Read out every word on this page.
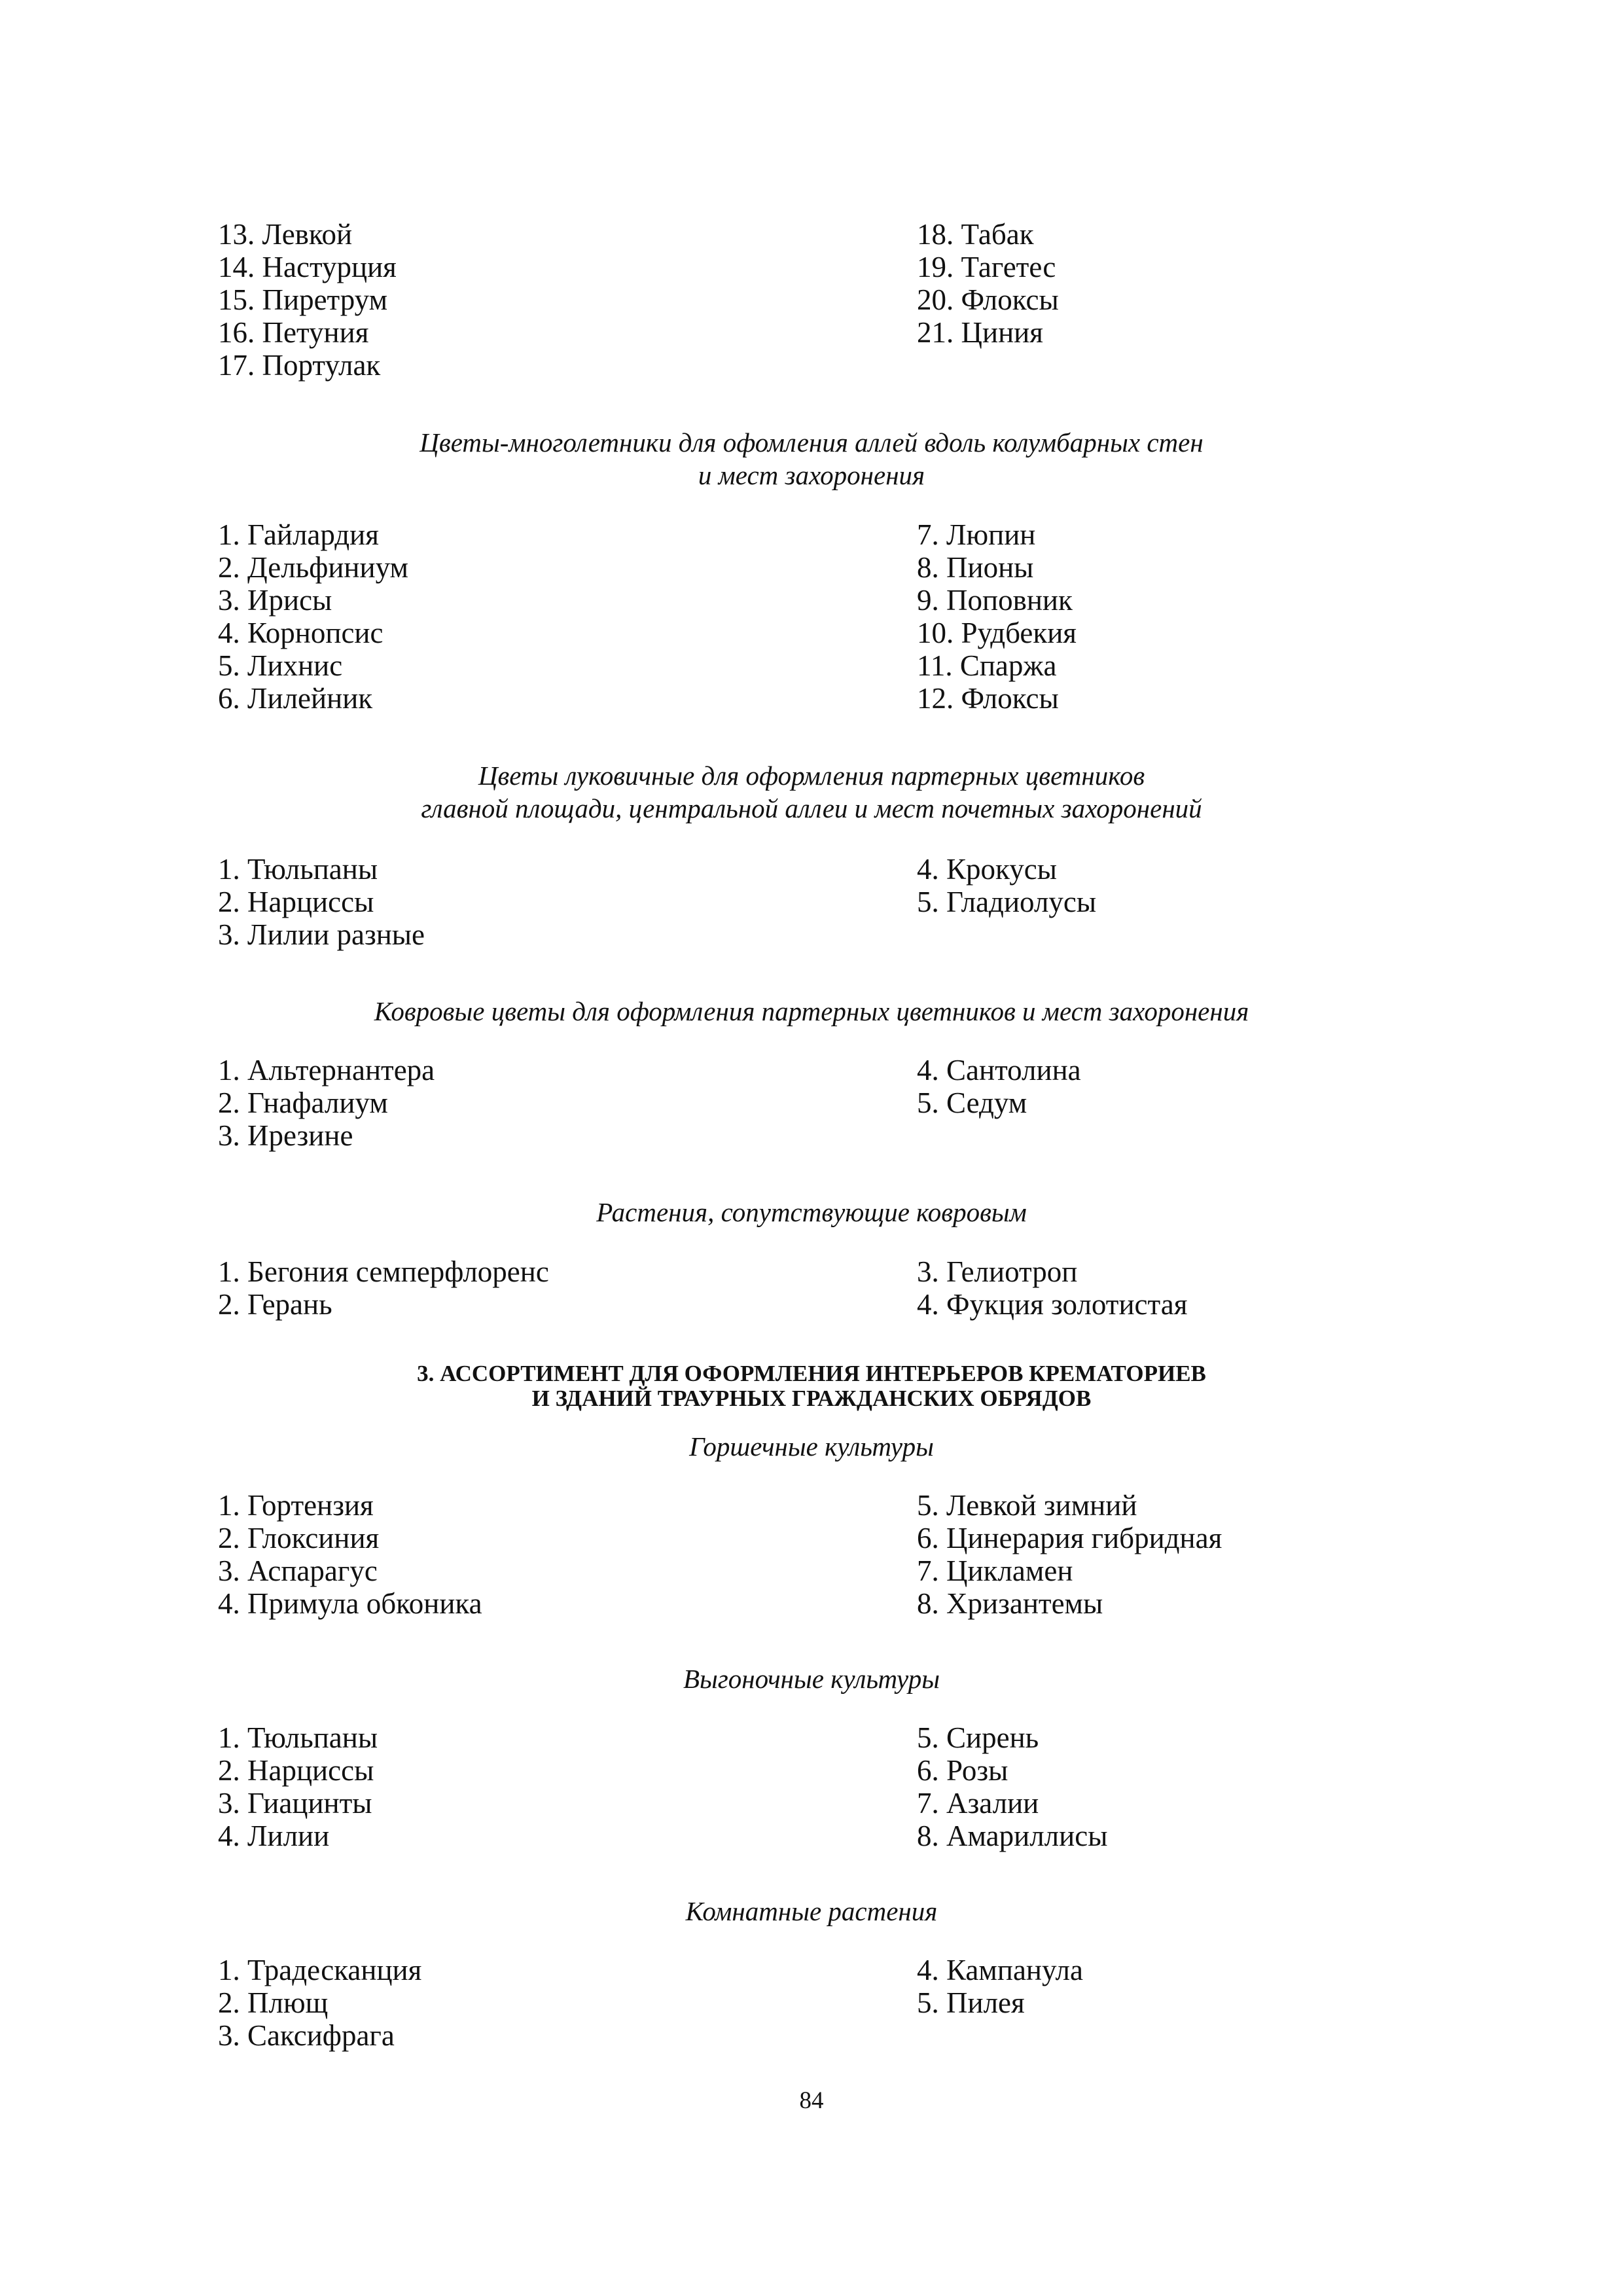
13. Левкой
14. Настурция
15. Пиретрум
16. Петуния
17. Портулак
18. Табак
19. Тагетес
20. Флоксы
21. Циния
Цветы-многолетники для офомления аллей вдоль колумбарных стен
и мест захоронения
1. Гайлардия
2. Дельфиниум
3. Ирисы
4. Корнопсис
5. Лихнис
6. Лилейник
7. Люпин
8. Пионы
9. Поповник
10. Рудбекия
11. Спаржа
12. Флоксы
Цветы луковичные для оформления партерных цветников
главной площади, центральной аллеи и мест почетных захоронений
1. Тюльпаны
2. Нарциссы
3. Лилии разные
4. Крокусы
5. Гладиолусы
Ковровые цветы для оформления партерных цветников и мест захоронения
1. Альтернантера
2. Гнафалиум
3. Ирезине
4. Сантолина
5. Седум
Растения, сопутствующие ковровым
1. Бегония семперфлоренс
2. Герань
3. Гелиотроп
4. Фукция золотистая
3. АССОРТИМЕНТ ДЛЯ ОФОРМЛЕНИЯ ИНТЕРЬЕРОВ КРЕМАТОРИЕВ
И ЗДАНИЙ ТРАУРНЫХ ГРАЖДАНСКИХ ОБРЯДОВ
Горшечные культуры
1. Гортензия
2. Глоксиния
3. Аспарагус
4. Примула обконика
5. Левкой зимний
6. Цинерария гибридная
7. Цикламен
8. Хризантемы
Выгоночные культуры
1. Тюльпаны
2. Нарциссы
3. Гиацинты
4. Лилии
5. Сирень
6. Розы
7. Азалии
8. Амариллисы
Комнатные растения
1. Традесканция
2. Плющ
3. Саксифрага
4. Кампанула
5. Пилея
84
